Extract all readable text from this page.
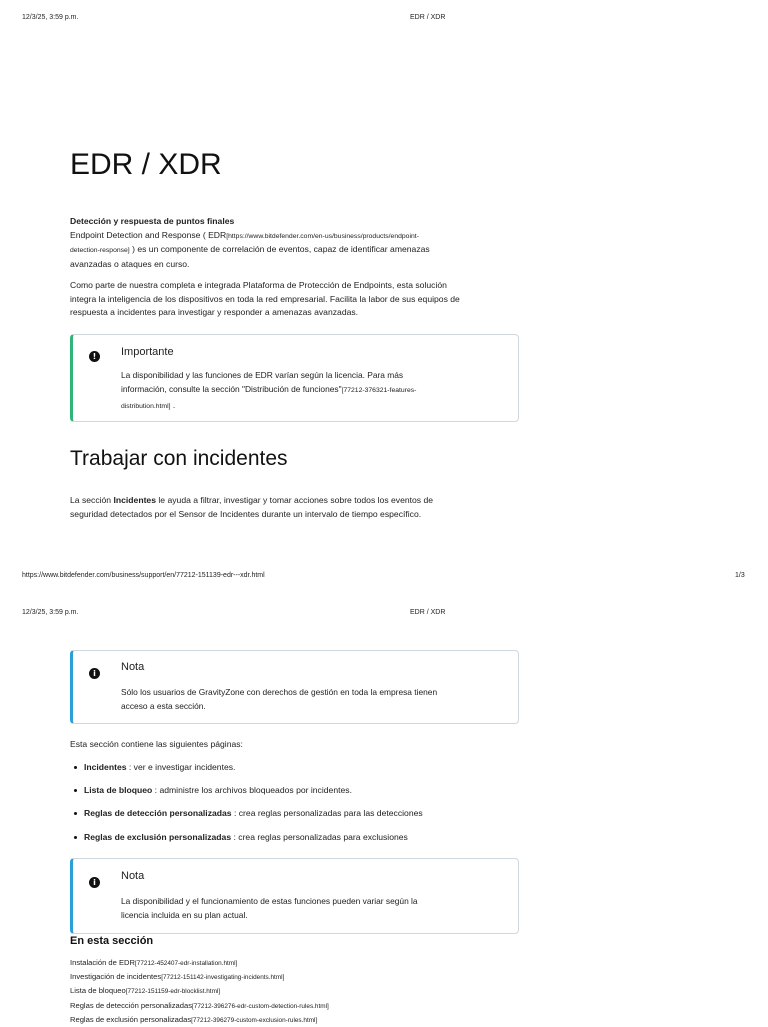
12/3/25, 3:59 p.m.	EDR / XDR
EDR / XDR
Detección y respuesta de puntos finales
Endpoint Detection and Response ( EDR[https://www.bitdefender.com/en-us/business/products/endpoint-
detection-response] ) es un componente de correlación de eventos, capaz de identificar amenazas
avanzadas o ataques en curso.
Como parte de nuestra completa e integrada Plataforma de Protección de Endpoints, esta solución
integra la inteligencia de los dispositivos en toda la red empresarial. Facilita la labor de sus equipos de
respuesta a incidentes para investigar y responder a amenazas avanzadas.
!	Importante
La disponibilidad y las funciones de EDR varían según la licencia. Para más
información, consulte la sección "Distribución de funciones"[77212-376321-features-
distribution.html] .
Trabajar con incidentes
La sección Incidentes le ayuda a filtrar, investigar y tomar acciones sobre todos los eventos de
seguridad detectados por el Sensor de Incidentes durante un intervalo de tiempo específico.
https://www.bitdefender.com/business/support/en/77212-151139-edr---xdr.html	1/3
12/3/25, 3:59 p.m.	EDR / XDR
i
Nota
Sólo los usuarios de GravityZone con derechos de gestión en toda la empresa tienen
acceso a esta sección.
Esta sección contiene las siguientes páginas:
Incidentes : ver e investigar incidentes.
Lista de bloqueo : administre los archivos bloqueados por incidentes.
Reglas de detección personalizadas : crea reglas personalizadas para las detecciones
Reglas de exclusión personalizadas : crea reglas personalizadas para exclusiones
i
Nota
La disponibilidad y el funcionamiento de estas funciones pueden variar según la
licencia incluida en su plan actual.
En esta sección
Instalación de EDR[77212-452407-edr-installation.html]
Investigación de incidentes[77212-151142-investigating-incidents.html]
Lista de bloqueo[77212-151159-edr-blocklist.html]
Reglas de detección personalizadas[77212-396276-edr-custom-detection-rules.html]
Reglas de exclusión personalizadas[77212-396279-custom-exclusion-rules.html]
